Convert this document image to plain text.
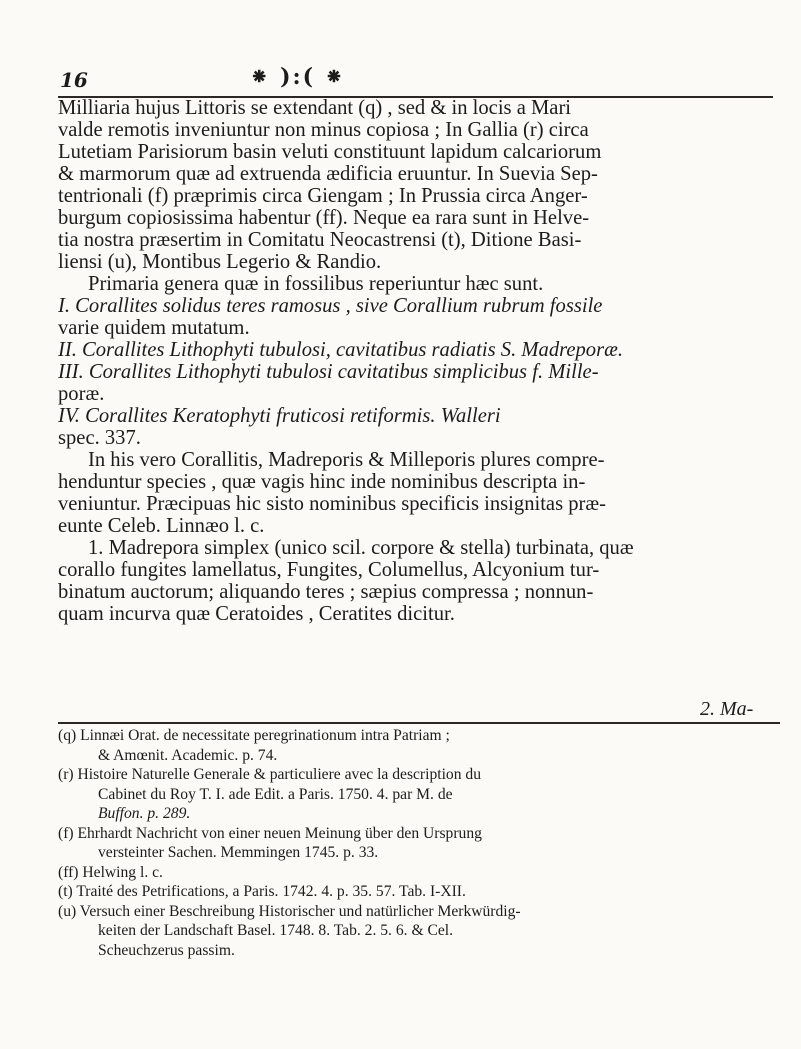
16	⁕ ):( ⁕
Milliaria hujus Littoris se extendant (q) , sed & in locis a Mari
valde remotis inveniuntur non minus copiosa ; In Gallia (r) circa
Lutetiam Parisiorum basin veluti constituunt lapidum calcariorum
& marmorum quæ ad extruenda ædificia eruuntur. In Suevia Sep-
tentrionali (f) præprimis circa Giengam ; In Prussia circa Anger-
burgum copiosissima habentur (ff). Neque ea rara sunt in Helve-
tia nostra præsertim in Comitatu Neocastrensi (t), Ditione Basi-
liensi (u), Montibus Legerio & Randio.
Primaria genera quæ in fossilibus reperiuntur hæc sunt.
I. Corallites solidus teres ramosus , sive Corallium rubrum fossile
varie quidem mutatum.
II. Corallites Lithophyti tubulosi, cavitatibus radiatis S. Madreporæ.
III. Corallites Lithophyti tubulosi cavitatibus simplicibus f. Mille-
poræ.
IV. Corallites Keratophyti fruticosi retiformis. Walleri
spec. 337.
In his vero Corallitis, Madreporis & Milleporis plures compre-
henduntur species , quæ vagis hinc inde nominibus descripta in-
veniuntur. Præcipuas hic sisto nominibus specificis insignitas præ-
eunte Celeb. Linnæo l. c.
1. Madrepora simplex (unico scil. corpore & stella) turbinata, quæ
corallo fungites lamellatus, Fungites, Columellus, Alcyonium tur-
binatum auctorum; aliquando teres ; sæpius compressa ; nonnun-
quam incurva quæ Ceratoides , Ceratites dicitur.
2. Ma-
(q) Linnæi Orat. de necessitate peregrinationum intra Patriam ;
& Amœnit. Academic. p. 74.
(r) Histoire Naturelle Generale & particuliere avec la description du
Cabinet du Roy T. I. ade Edit. a Paris. 1750. 4. par M. de
Buffon. p. 289.
(f) Ehrhardt Nachricht von einer neuen Meinung über den Ursprung
versteinter Sachen. Memmingen 1745. p. 33.
(ff) Helwing l. c.
(t) Traité des Petrifications, a Paris. 1742. 4. p. 35. 57. Tab. I-XII.
(u) Versuch einer Beschreibung Historischer und natürlicher Merkwürdig-
keiten der Landschaft Basel. 1748. 8. Tab. 2. 5. 6. & Cel.
Scheuchzerus passim.
